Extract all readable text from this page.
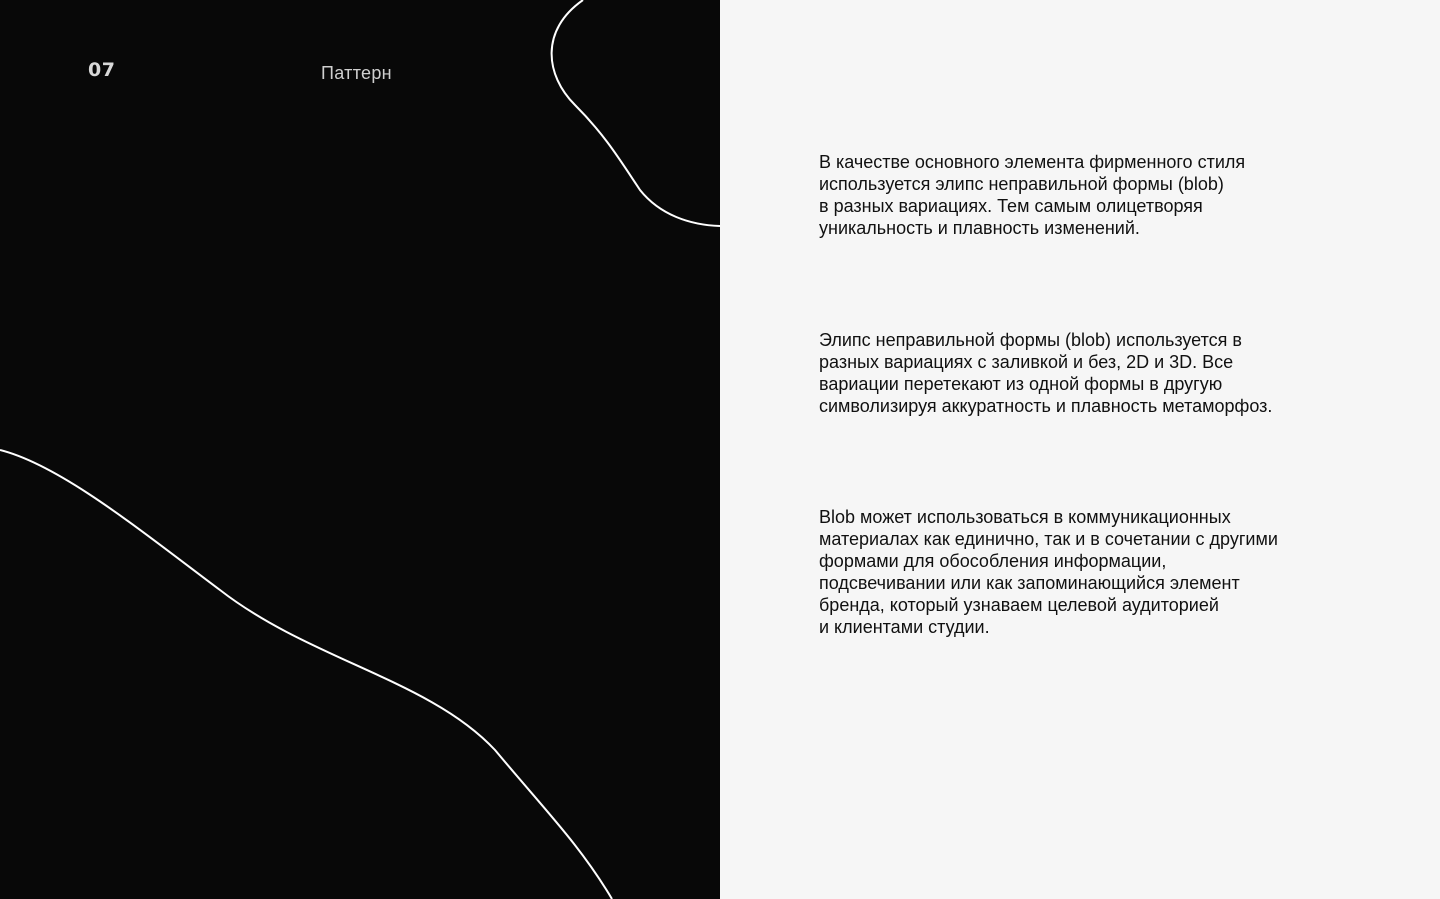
07	Паттерн

В качестве основного элемента фирменного стиля
используется элипс неправильной формы (blob)
в разных вариациях. Тем самым олицетворяя
уникальность и плавность изменений.

Элипс неправильной формы (blob) используется в
разных вариациях с заливкой и без, 2D и 3D. Все
вариации перетекают из одной формы в другую
символизируя аккуратность и плавность метаморфоз.

Blob может использоваться в коммуникационных
материалах как единично, так и в сочетании с другими
формами для обособления информации,
подсвечивании или как запоминающийся элемент
бренда, который узнаваем целевой аудиторией
и клиентами студии.
